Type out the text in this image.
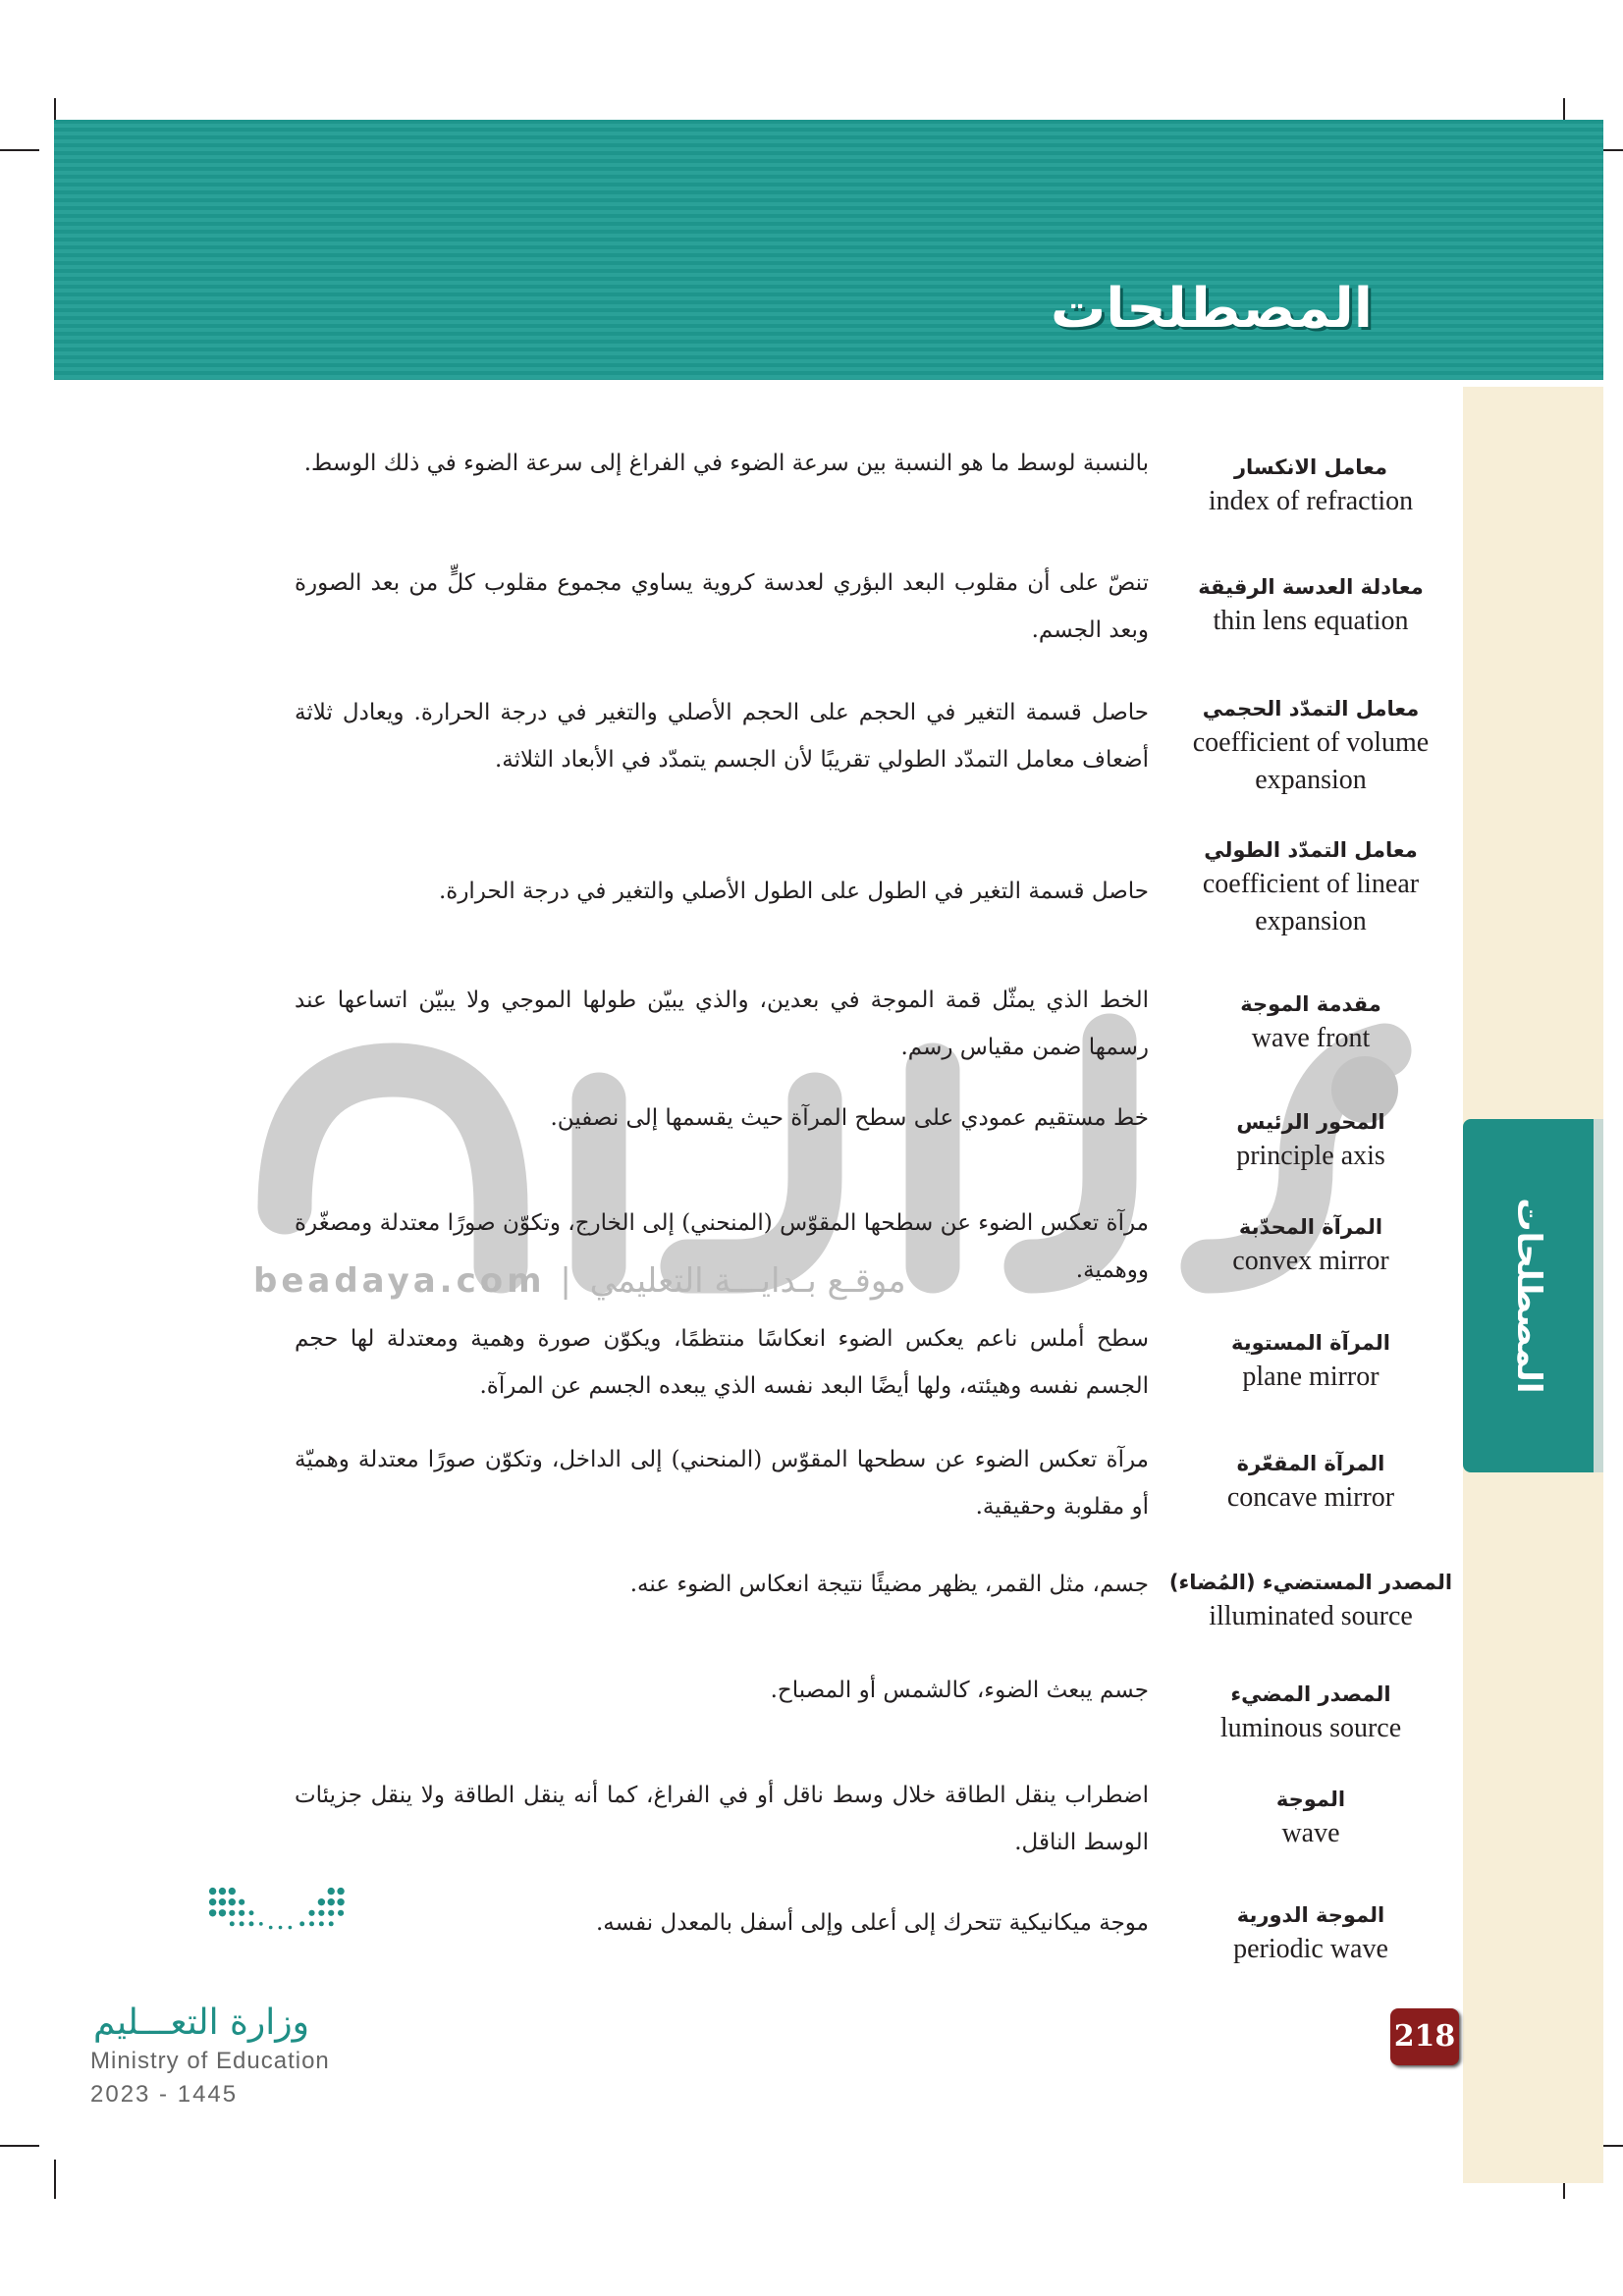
المصطلحات
المصطلحات
beadaya.com | موقـع بـدايـــة التعليمي
معامل الانكسار
index of refraction
بالنسبة لوسط ما هو النسبة بين سرعة الضوء في الفراغ إلى سرعة الضوء في ذلك الوسط.
معادلة العدسة الرقيقة
thin lens equation
تنصّ على أن مقلوب البعد البؤري لعدسة كروية يساوي مجموع مقلوب كلٍّ من بعد الصورة وبعد الجسم.
معامل التمدّد الحجمي
coefficient of volume expansion
حاصل قسمة التغير في الحجم على الحجم الأصلي والتغير في درجة الحرارة. ويعادل ثلاثة أضعاف معامل التمدّد الطولي تقريبًا لأن الجسم يتمدّد في الأبعاد الثلاثة.
معامل التمدّد الطولي
coefficient of linear expansion
حاصل قسمة التغير في الطول على الطول الأصلي والتغير في درجة الحرارة.
مقدمة الموجة
wave front
الخط الذي يمثّل قمة الموجة في بعدين، والذي يبيّن طولها الموجي ولا يبيّن اتساعها عند رسمها ضمن مقياس رسم.
المحور الرئيس
principle axis
خط مستقيم عمودي على سطح المرآة حيث يقسمها إلى نصفين.
المرآة المحدّبة
convex mirror
مرآة تعكس الضوء عن سطحها المقوّس (المنحني) إلى الخارج، وتكوّن صورًا معتدلة ومصغّرة ووهمية.
المرآة المستوية
plane mirror
سطح أملس ناعم يعكس الضوء انعكاسًا منتظمًا، ويكوّن صورة وهمية ومعتدلة لها حجم الجسم نفسه وهيئته، ولها أيضًا البعد نفسه الذي يبعده الجسم عن المرآة.
المرآة المقعّرة
concave mirror
مرآة تعكس الضوء عن سطحها المقوّس (المنحني) إلى الداخل، وتكوّن صورًا معتدلة وهميّة أو مقلوبة وحقيقية.
المصدر المستضيء (المُضاء)
illuminated source
جسم، مثل القمر، يظهر مضيئًا نتيجة انعكاس الضوء عنه.
المصدر المضيء
luminous source
جسم يبعث الضوء، كالشمس أو المصباح.
الموجة
wave
اضطراب ينقل الطاقة خلال وسط ناقل أو في الفراغ، كما أنه ينقل الطاقة ولا ينقل جزيئات الوسط الناقل.
الموجة الدورية
periodic wave
موجة ميكانيكية تتحرك إلى أعلى وإلى أسفل بالمعدل نفسه.
وزارة التعـــليم
Ministry of Education
2023 - 1445
218
